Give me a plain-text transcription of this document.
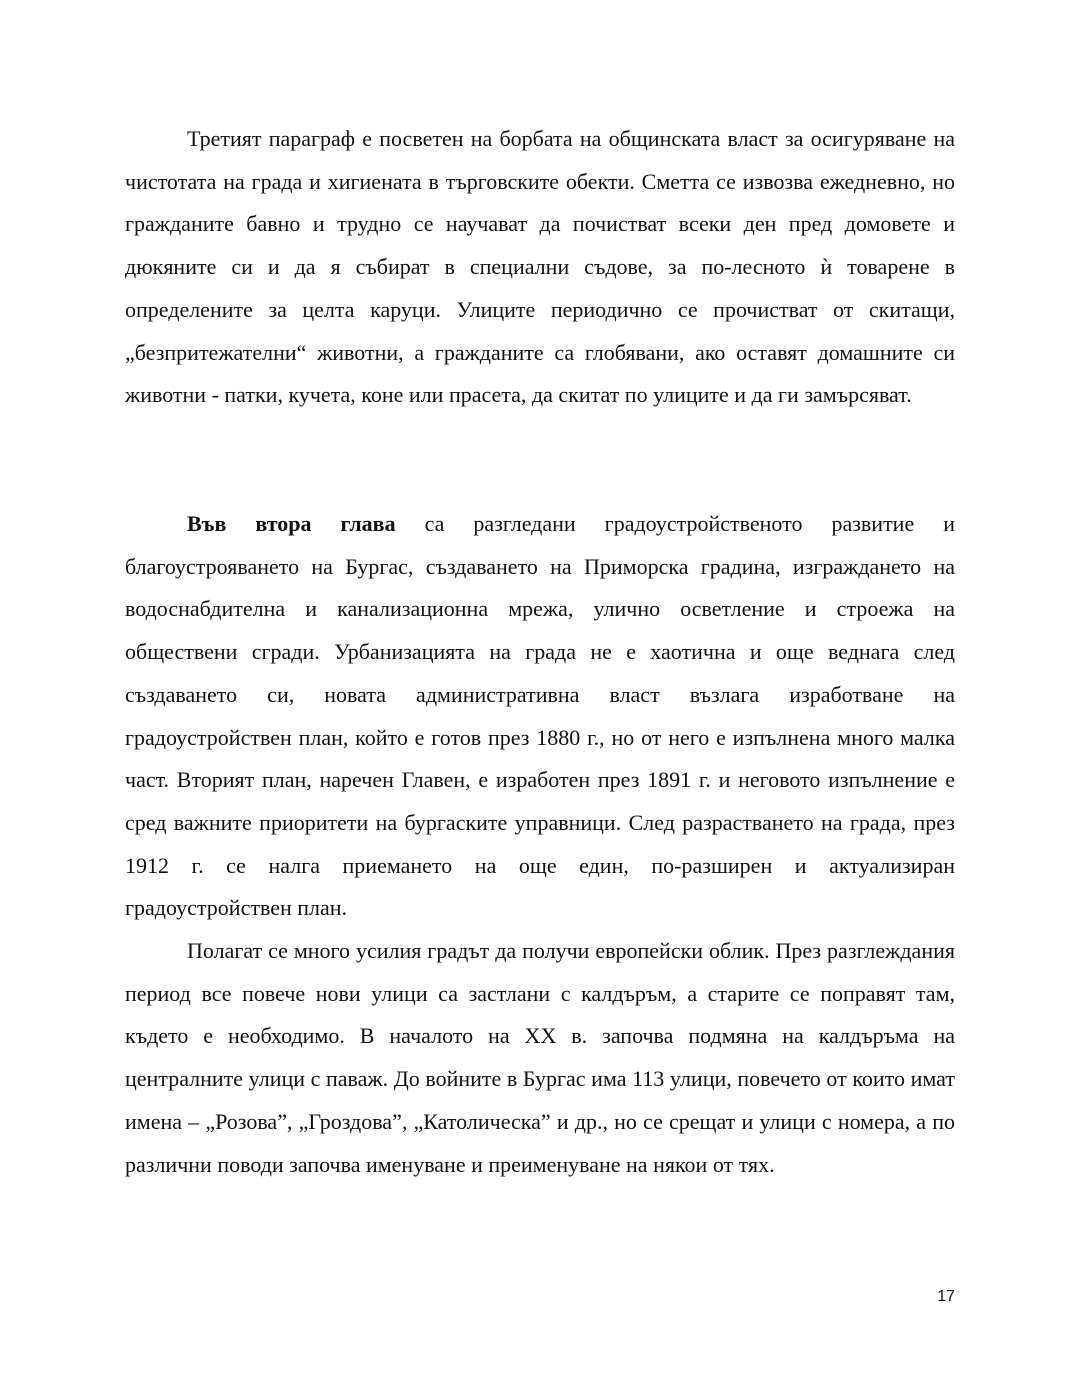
Третият параграф е посветен на борбата на общинската власт за осигуряване на чистотата на града и хигиената в търговските обекти. Сметта се извозва ежедневно, но гражданите бавно и трудно се научават да почистват всеки ден пред домовете и дюкяните си и да я събират в специални съдове, за по-лесното ѝ товарене в определените за целта каруци. Улиците периодично се прочистват от скитащи, „безпритежателни“ животни, а гражданите са глобявани, ако оставят домашните си животни - патки, кучета, коне или прасета, да скитат по улиците и да ги замърсяват.

Във втора глава са разгледани градоустройственото развитие и благоустрояването на Бургас, създаването на Приморска градина, изграждането на водоснабдителна и канализационна мрежа, улично осветление и строежа на обществени сгради. Урбанизацията на града не е хаотична и още веднага след създаването си, новата административна власт възлага изработване на градоустройствен план, който е готов през 1880 г., но от него е изпълнена много малка част. Вторият план, наречен Главен, е изработен през 1891 г. и неговото изпълнение е сред важните приоритети на бургаските управници. След разрастването на града, през 1912 г. се налга приемането на още един, по-разширен и актуализиран градоустройствен план.

Полагат се много усилия градът да получи европейски облик. През разглеждания период все повече нови улици са застлани с калдъръм, а старите се поправят там, където е необходимо. В началото на XX в. започва подмяна на калдъръма на централните улици с паваж. До войните в Бургас има 113 улици, повечето от които имат имена – „Розова”, „Гроздова”, „Католическа” и др., но се срещат и улици с номера, а по различни поводи започва именуване и преименуване на някои от тях.

17
